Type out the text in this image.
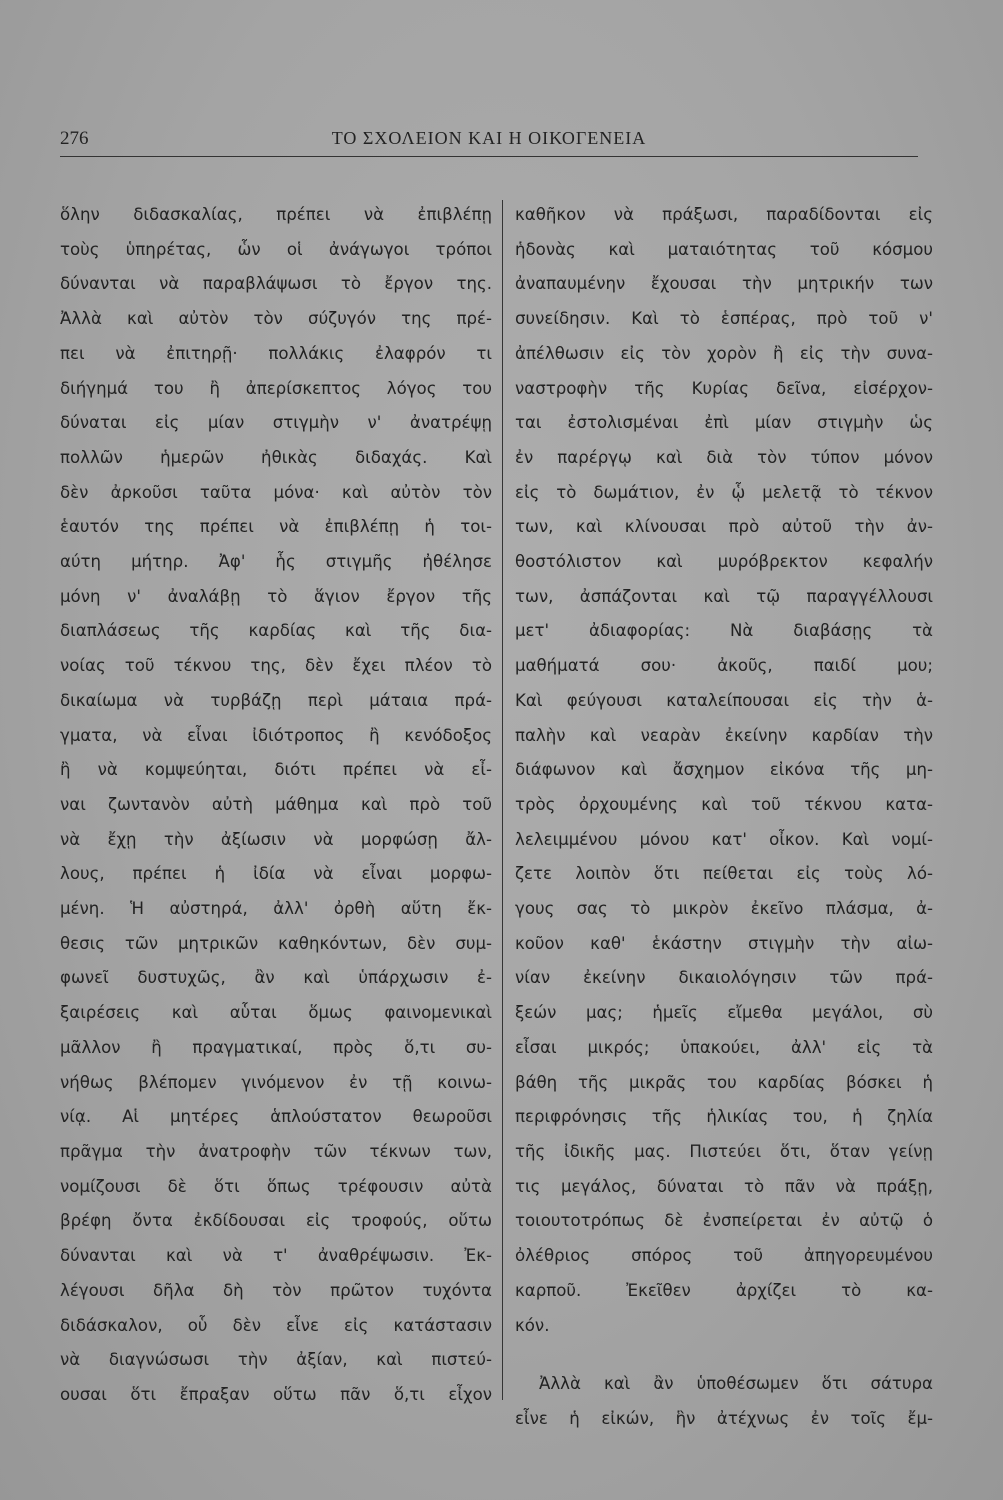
276	ΤΟ ΣΧΟΛΕΙΟΝ ΚΑΙ Η ΟΙΚΟΓΕΝΕΙΑ
ὅλην διδασκαλίας, πρέπει νὰ ἐπιβλέπῃ
τοὺς ὑπηρέτας, ὧν οἱ ἀνάγωγοι τρόποι
δύνανται νὰ παραβλάψωσι τὸ ἔργον της.
Ἀλλὰ καὶ αὐτὸν τὸν σύζυγόν της πρέ-
πει νὰ ἐπιτηρῇ· πολλάκις ἐλαφρόν τι
διήγημά του ἢ ἀπερίσκεπτος λόγος του
δύναται εἰς μίαν στιγμὴν ν' ἀνατρέψῃ
πολλῶν ἡμερῶν ἠθικὰς διδαχάς. Καὶ
δὲν ἀρκοῦσι ταῦτα μόνα· καὶ αὐτὸν τὸν
ἑαυτόν της πρέπει νὰ ἐπιβλέπῃ ἡ τοι-
αύτη μήτηρ. Ἀφ' ἧς στιγμῆς ἠθέλησε
μόνη ν' ἀναλάβῃ τὸ ἅγιον ἔργον τῆς
διαπλάσεως τῆς καρδίας καὶ τῆς δια-
νοίας τοῦ τέκνου της, δὲν ἔχει πλέον τὸ
δικαίωμα νὰ τυρβάζῃ περὶ μάταια πρά-
γματα, νὰ εἶναι ἰδιότροπος ἢ κενόδοξος
ἢ νὰ κομψεύηται, διότι πρέπει νὰ εἶ-
ναι ζωντανὸν αὐτὴ μάθημα καὶ πρὸ τοῦ
νὰ ἔχῃ τὴν ἀξίωσιν νὰ μορφώσῃ ἄλ-
λους, πρέπει ἡ ἰδία νὰ εἶναι μορφω-
μένη. Ἡ αὐστηρά, ἀλλ' ὀρθὴ αὕτη ἔκ-
θεσις τῶν μητρικῶν καθηκόντων, δὲν συμ-
φωνεῖ δυστυχῶς, ἂν καὶ ὑπάρχωσιν ἐ-
ξαιρέσεις καὶ αὗται ὅμως φαινομενικαὶ
μᾶλλον ἢ πραγματικαί, πρὸς ὅ,τι συ-
νήθως βλέπομεν γινόμενον ἐν τῇ κοινω-
νίᾳ. Αἱ μητέρες ἁπλούστατον θεωροῦσι
πρᾶγμα τὴν ἀνατροφὴν τῶν τέκνων των,
νομίζουσι δὲ ὅτι ὅπως τρέφουσιν αὐτὰ
βρέφη ὄντα ἐκδίδουσαι εἰς τροφούς, οὕτω
δύνανται καὶ νὰ τ' ἀναθρέψωσιν. Ἐκ-
λέγουσι δῆλα δὴ τὸν πρῶτον τυχόντα
διδάσκαλον, οὗ δὲν εἶνε εἰς κατάστασιν
νὰ διαγνώσωσι τὴν ἀξίαν, καὶ πιστεύ-
ουσαι ὅτι ἔπραξαν οὕτω πᾶν ὅ,τι εἶχον
καθῆκον νὰ πράξωσι, παραδίδονται εἰς
ἡδονὰς καὶ ματαιότητας τοῦ κόσμου
ἀναπαυμένην ἔχουσαι τὴν μητρικήν των
συνείδησιν. Καὶ τὸ ἑσπέρας, πρὸ τοῦ ν'
ἀπέλθωσιν εἰς τὸν χορὸν ἢ εἰς τὴν συνα-
ναστροφὴν τῆς Κυρίας δεῖνα, εἰσέρχον-
ται ἐστολισμέναι ἐπὶ μίαν στιγμὴν ὡς
ἐν παρέργῳ καὶ διὰ τὸν τύπον μόνον
εἰς τὸ δωμάτιον, ἐν ᾧ μελετᾷ τὸ τέκνον
των, καὶ κλίνουσαι πρὸ αὐτοῦ τὴν ἀν-
θοστόλιστον καὶ μυρόβρεκτον κεφαλήν
των, ἀσπάζονται καὶ τῷ παραγγέλλουσι
μετ' ἀδιαφορίας: Νὰ διαβάσῃς τὰ
μαθήματά σου· ἀκοῦς, παιδί μου;
Καὶ φεύγουσι καταλείπουσαι εἰς τὴν ἁ-
παλὴν καὶ νεαρὰν ἐκείνην καρδίαν τὴν
διάφωνον καὶ ἄσχημον εἰκόνα τῆς μη-
τρὸς ὀρχουμένης καὶ τοῦ τέκνου κατα-
λελειμμένου μόνου κατ' οἶκον. Καὶ νομί-
ζετε λοιπὸν ὅτι πείθεται εἰς τοὺς λό-
γους σας τὸ μικρὸν ἐκεῖνο πλάσμα, ἀ-
κοῦον καθ' ἑκάστην στιγμὴν τὴν αἰω-
νίαν ἐκείνην δικαιολόγησιν τῶν πρά-
ξεών μας; ἡμεῖς εἴμεθα μεγάλοι, σὺ
εἶσαι μικρός; ὑπακούει, ἀλλ' εἰς τὰ
βάθη τῆς μικρᾶς του καρδίας βόσκει ἡ
περιφρόνησις τῆς ἡλικίας του, ἡ ζηλία
τῆς ἰδικῆς μας. Πιστεύει ὅτι, ὅταν γείνῃ
τις μεγάλος, δύναται τὸ πᾶν νὰ πράξῃ,
τοιουτοτρόπως δὲ ἐνσπείρεται ἐν αὐτῷ ὁ
ὀλέθριος σπόρος τοῦ ἀπηγορευμένου
καρποῦ. Ἐκεῖθεν ἀρχίζει τὸ κα-
κόν.
Ἀλλὰ καὶ ἂν ὑποθέσωμεν ὅτι σάτυρα
εἶνε ἡ εἰκών, ἣν ἀτέχνως ἐν τοῖς ἔμ-
